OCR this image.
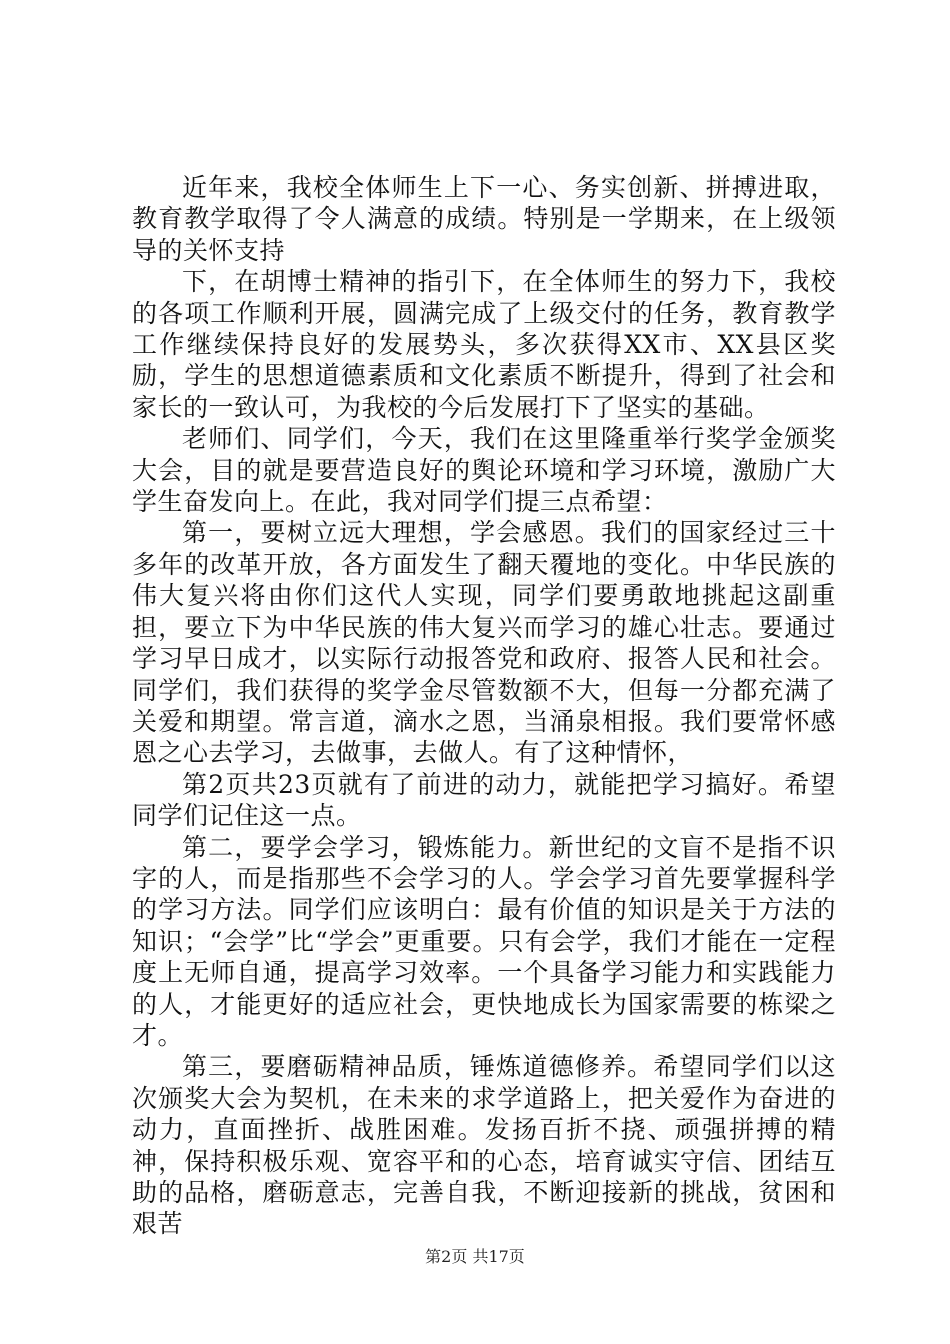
近年来，我校全体师生上下一心、务实创新、拼搏进取，教育教学取得了令人满意的成绩。特别是一学期来，在上级领导的关怀支持

下，在胡博士精神的指引下，在全体师生的努力下，我校的各项工作顺利开展，圆满完成了上级交付的任务，教育教学工作继续保持良好的发展势头，多次获得XX市、XX县区奖励，学生的思想道德素质和文化素质不断提升，得到了社会和家长的一致认可，为我校的今后发展打下了坚实的基础。

老师们、同学们，今天，我们在这里隆重举行奖学金颁奖大会，目的就是要营造良好的舆论环境和学习环境，激励广大学生奋发向上。在此，我对同学们提三点希望：

第一，要树立远大理想，学会感恩。我们的国家经过三十多年的改革开放，各方面发生了翻天覆地的变化。中华民族的伟大复兴将由你们这代人实现，同学们要勇敢地挑起这副重担，要立下为中华民族的伟大复兴而学习的雄心壮志。要通过学习早日成才，以实际行动报答党和政府、报答人民和社会。同学们，我们获得的奖学金尽管数额不大，但每一分都充满了关爱和期望。常言道，滴水之恩，当涌泉相报。我们要常怀感恩之心去学习，去做事，去做人。有了这种情怀，

第2页共23页就有了前进的动力，就能把学习搞好。希望同学们记住这一点。

第二，要学会学习，锻炼能力。新世纪的文盲不是指不识字的人，而是指那些不会学习的人。学会学习首先要掌握科学的学习方法。同学们应该明白：最有价值的知识是关于方法的知识；“会学”比“学会”更重要。只有会学，我们才能在一定程度上无师自通，提高学习效率。一个具备学习能力和实践能力的人，才能更好的适应社会，更快地成长为国家需要的栋梁之才。

第三，要磨砺精神品质，锤炼道德修养。希望同学们以这次颁奖大会为契机，在未来的求学道路上，把关爱作为奋进的动力，直面挫折、战胜困难。发扬百折不挠、顽强拼搏的精神，保持积极乐观、宽容平和的心态，培育诚实守信、团结互助的品格，磨砺意志，完善自我，不断迎接新的挑战，贫困和艰苦

第2页 共17页
